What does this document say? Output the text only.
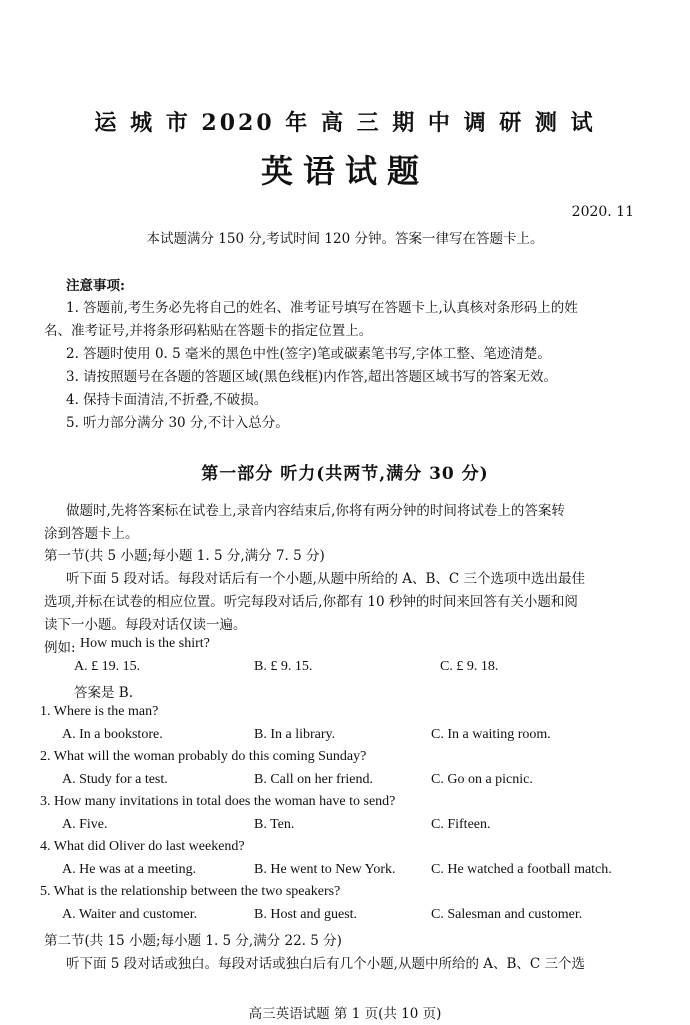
运 城 市 2020 年 高 三 期 中 调 研 测 试
英语试题
2020. 11
本试题满分 150 分,考试时间 120 分钟。答案一律写在答题卡上。
注意事项:
1. 答题前,考生务必先将自己的姓名、准考证号填写在答题卡上,认真核对条形码上的姓
名、准考证号,并将条形码粘贴在答题卡的指定位置上。
2. 答题时使用 0. 5 毫米的黑色中性(签字)笔或碳素笔书写,字体工整、笔迹清楚。
3. 请按照题号在各题的答题区域(黑色线框)内作答,超出答题区域书写的答案无效。
4. 保持卡面清洁,不折叠,不破损。
5. 听力部分满分 30 分,不计入总分。
第一部分 听力(共两节,满分 30 分)
做题时,先将答案标在试卷上,录音内容结束后,你将有两分钟的时间将试卷上的答案转
涂到答题卡上。
第一节(共 5 小题;每小题 1. 5 分,满分 7. 5 分)
听下面 5 段对话。每段对话后有一个小题,从题中所给的 A、B、C 三个选项中选出最佳
选项,并标在试卷的相应位置。听完每段对话后,你都有 10 秒钟的时间来回答有关小题和阅
读下一小题。每段对话仅读一遍。
例如: How much is the shirt?
A. £ 19. 15.	B. £ 9. 15.	C. £ 9. 18.
答案是 B.
1. Where is the man?
A. In a bookstore.	B. In a library.	C. In a waiting room.
2. What will the woman probably do this coming Sunday?
A. Study for a test.	B. Call on her friend.	C. Go on a picnic.
3. How many invitations in total does the woman have to send?
A. Five.	B. Ten.	C. Fifteen.
4. What did Oliver do last weekend?
A. He was at a meeting.	B. He went to New York.	C. He watched a football match.
5. What is the relationship between the two speakers?
A. Waiter and customer.	B. Host and guest.	C. Salesman and customer.
第二节(共 15 小题;每小题 1. 5 分,满分 22. 5 分)
听下面 5 段对话或独白。每段对话或独白后有几个小题,从题中所给的 A、B、C 三个选
高三英语试题 第 1 页(共 10 页)
